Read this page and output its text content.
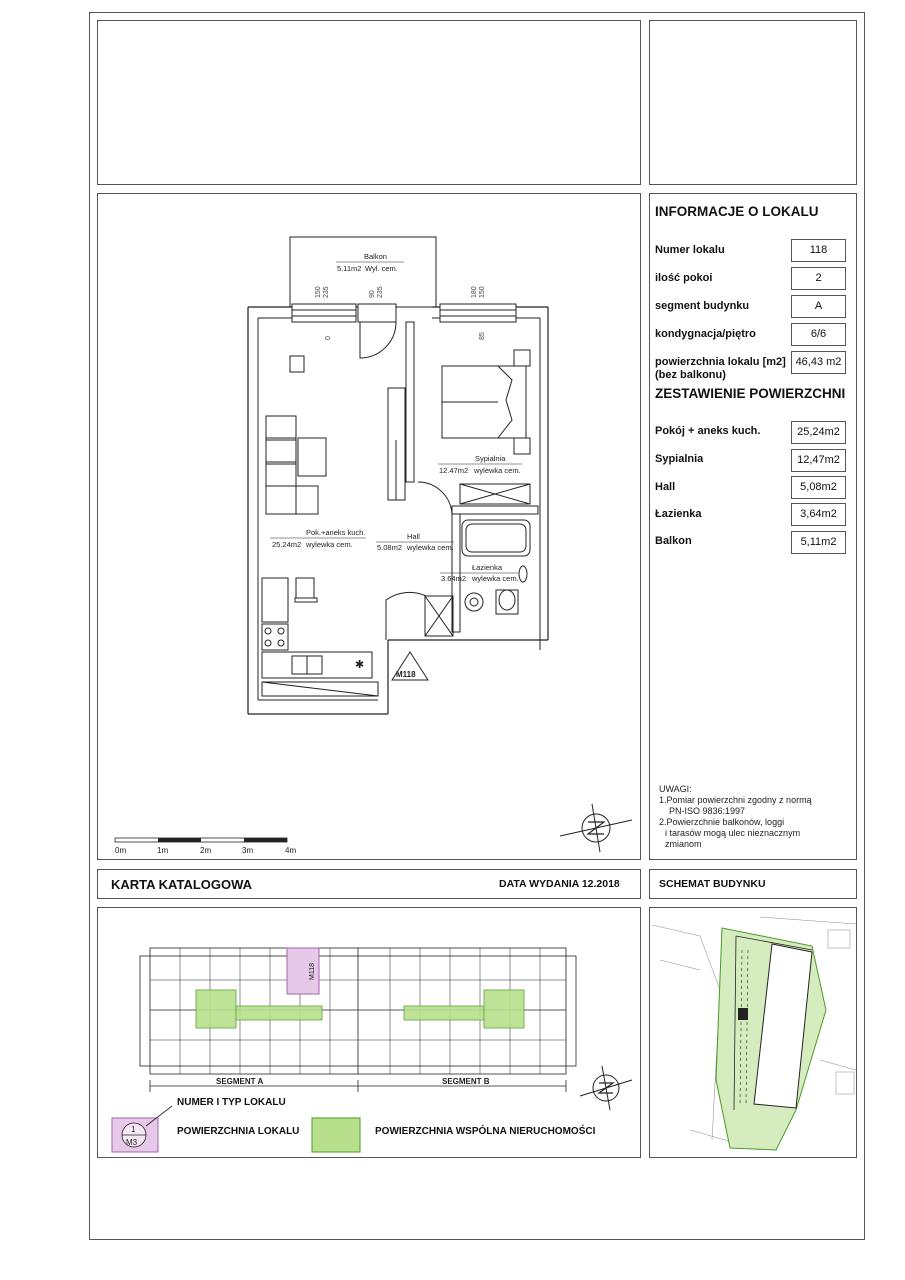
INFORMACJE O LOKALU
Numer lokalu	118
ilość pokoi	2
segment budynku	A
kondygnacja/piętro	6/6
powierzchnia lokalu [m2]
(bez balkonu)
46,43 m2
ZESTAWIENIE POWIERZCHNI
Pokój + aneks kuch.	25,24m2
Sypialnia	12,47m2
Hall	5,08m2
Łazienka	3,64m2
Balkon	5,11m2
UWAGI:
1.Pomiar powierzchni zgodny z normą
PN-ISO 9836:1997
2.Powierzchnie balkonów, loggi
i tarasów mogą ulec nieznacznym
zmianom
Balkon
5.11m2 Wyl. cem.
Sypialnia
12.47m2 wylewka cem.
Pok.+aneks kuch.
25.24m2 wylewka cem.
Hall
5.08m2 wylewka cem.
Łazienka
3.64m2 wylewka cem.
150 235	90 235	180 150
0	85
✱
M118
0m	1m	2m	3m	4m
KARTA KATALOGOWA	DATA WYDANIA 12.2018	SCHEMAT BUDYNKU
M118
SEGMENT A	SEGMENT B
1
M3
NUMER I TYP LOKALU
POWIERZCHNIA LOKALU	POWIERZCHNIA WSPÓLNA NIERUCHOMOŚCI
